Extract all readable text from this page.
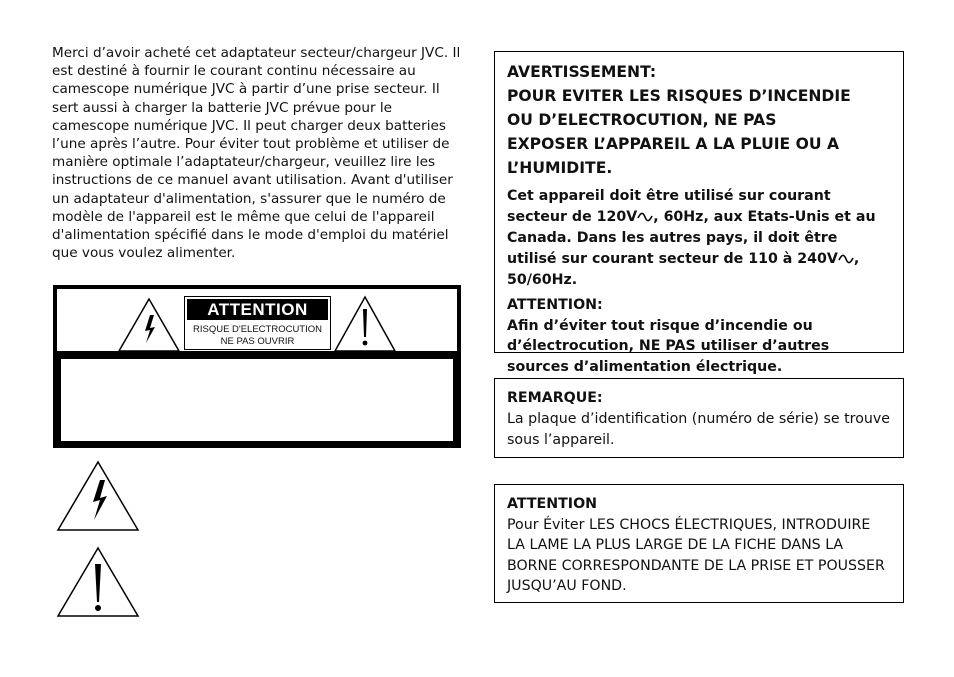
Merci d’avoir acheté cet adaptateur secteur/chargeur JVC. Il est destiné à fournir le courant continu nécessaire au camescope numérique JVC à partir d’une prise secteur. Il sert aussi à charger la batterie JVC prévue pour le camescope numérique JVC. Il peut charger deux batteries l’une après l’autre. Pour éviter tout problème et utiliser de manière optimale l’adaptateur/chargeur, veuillez lire les instructions de ce manuel avant utilisation. Avant d'utiliser un adaptateur d'alimentation, s'assurer que le numéro de modèle de l'appareil est le même que celui de l'appareil d'alimentation spécifié dans le mode d'emploi du matériel que vous voulez alimenter.
ATTENTION
RISQUE D'ELECTROCUTION
NE PAS OUVRIR
AVERTISSEMENT:
POUR EVITER LES RISQUES D’INCENDIE
OU D’ELECTROCUTION, NE PAS
EXPOSER L’APPAREIL A LA PLUIE OU A
L’HUMIDITE.
Cet appareil doit être utilisé sur courant secteur de 120V , 60Hz, aux Etats-Unis et au Canada. Dans les autres pays, il doit être utilisé sur courant secteur de 110 à 240V , 50/60Hz.
ATTENTION:
Afin d’éviter tout risque d’incendie ou d’électrocution, NE PAS utiliser d’autres sources d’alimentation électrique.
REMARQUE:
La plaque d’identification (numéro de série) se trouve sous l’appareil.
ATTENTION
Pour Éviter LES CHOCS ÉLECTRIQUES, INTRODUIRE LA LAME LA PLUS LARGE DE LA FICHE DANS LA BORNE CORRESPONDANTE DE LA PRISE ET POUSSER JUSQU’AU FOND.
